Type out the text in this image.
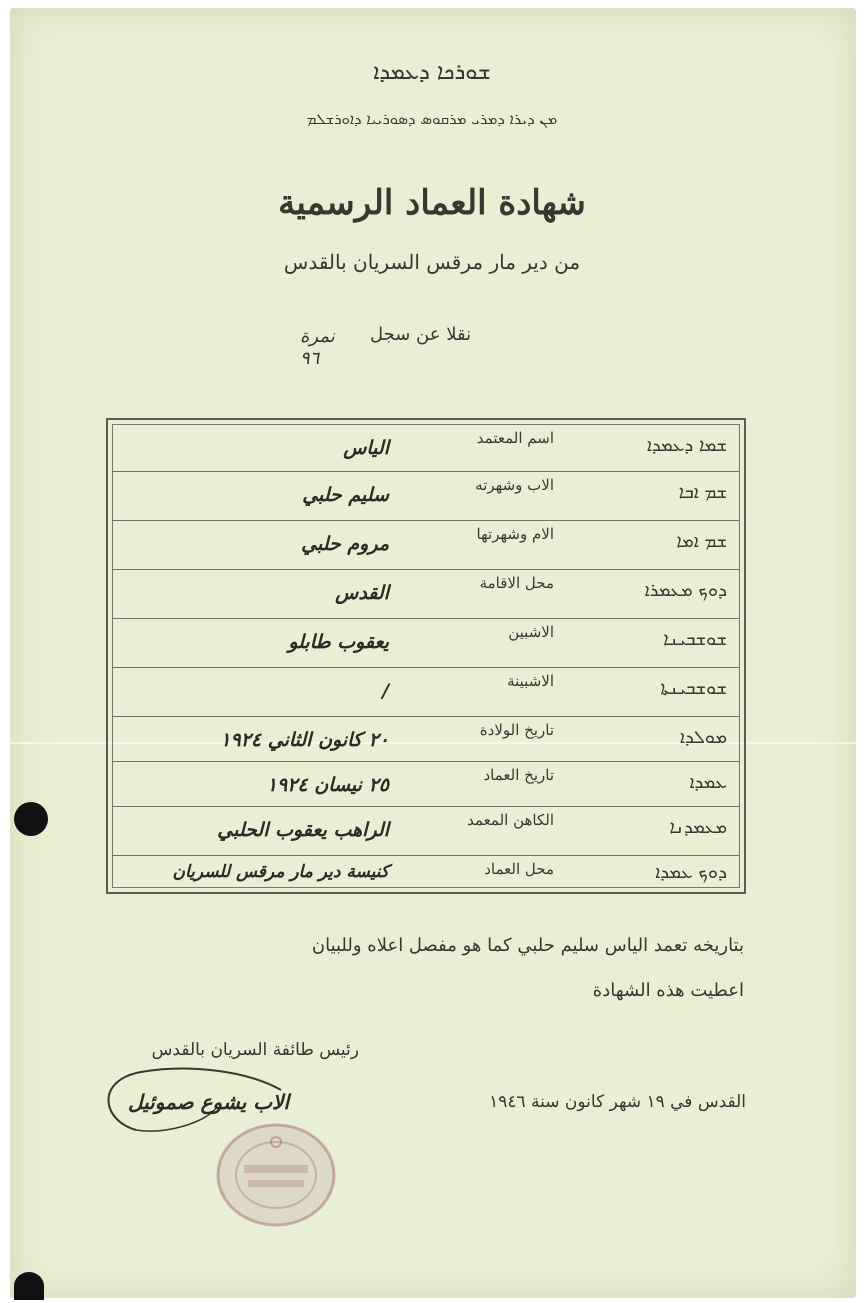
ܫܘܪܟܐ ܕܥܡܕܐ
ܡܢ ܕܝܪܐ ܕܡܪܝ ܡܪܩܘܣ ܕܣܘܪܝܝܐ ܕܐܘܪܫܠܡ
شهادة العماد الرسمية
من دير مار مرقس السريان بالقدس
نقلا عن سجل
نمرة
٩٦
ܫܡܐ ܕܥܡܕܐ
اسم المعتمد
الياس
ܫܡ ܐܒܐ
الاب وشهرته
سليم حلبي
ܫܡ ܐܡܐ
الام وشهرتها
مروم حلبي
ܕܘܟ ܡܥܡܪܐ
محل الاقامة
القدس
ܫܘܫܒܝܢܐ
الاشبين
يعقوب طابلو
ܫܘܫܒܝܢܬܐ
الاشبينة
/
ܡܘܠܕܐ
تاريخ الولادة
٢٠ كانون الثاني ١٩٢٤
ܥܡܕܐ
تاريخ العماد
٢٥ نيسان ١٩٢٤
ܡܥܡܕܢܐ
الكاهن المعمد
الراهب يعقوب الحلبي
ܕܘܟ ܥܡܕܐ
محل العماد
كنيسة دير مار مرقس للسريان
بتاريخه تعمد الياس سليم حلبي كما هو مفصل اعلاه وللبيان
اعطيت هذه الشهادة
رئيس طائفة السريان بالقدس
القدس في ١٩ شهر كانون سنة ١٩٤٦
الاب يشوع صموئيل
